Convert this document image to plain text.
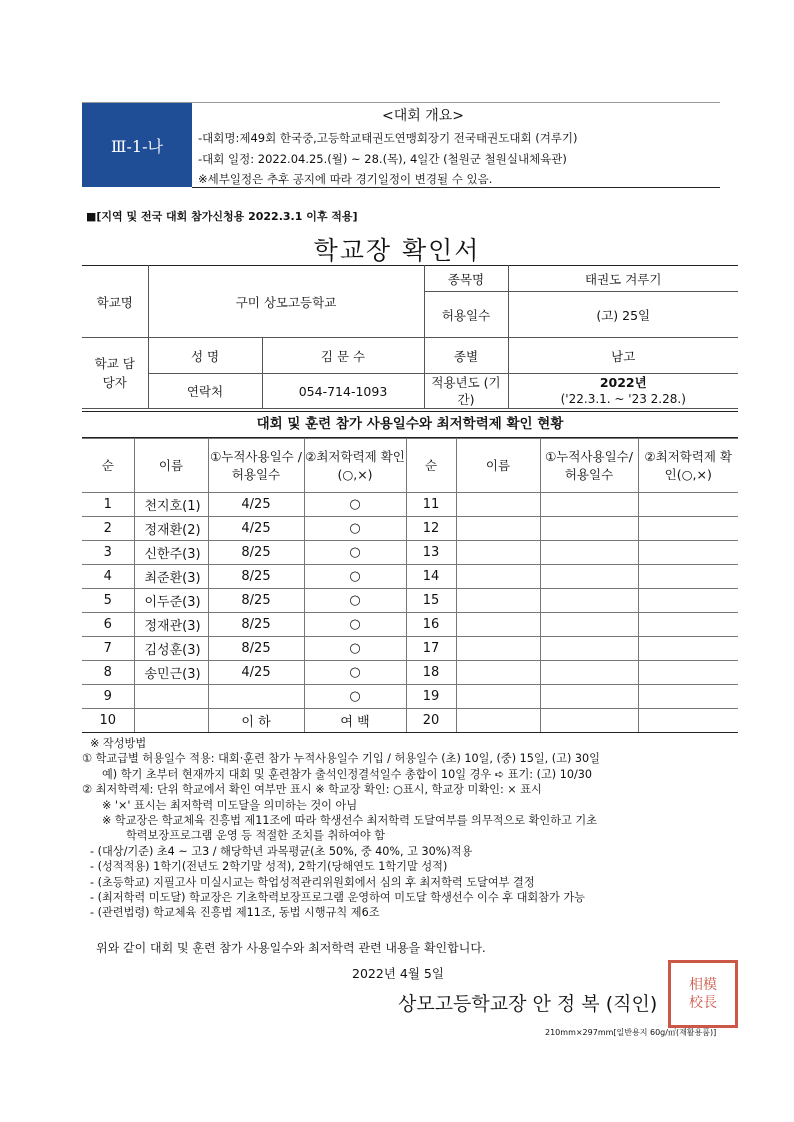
Ⅲ-1-나
<대회 개요>
-대회명:제49회 한국중,고등학교태권도연맹회장기 전국태권도대회 (겨루기)
-대회 일정: 2022.04.25.(월) ~ 28.(목), 4일간 (철원군 철원실내체육관)
※세부일정은 추후 공지에 따라 경기일정이 변경될 수 있음.
■[지역 및 전국 대회 참가신청용 2022.3.1 이후 적용]
학교장 확인서
학교명	구미 상모고등학교		종목명	태권도 겨루기
			허용일수	(고) 25일
학교 담당자	성 명	김 문 수	종별	남고
	연락처	054-714-1093	적용년도 (기간)	2022년
('22.3.1. ~ '23 2.28.)
대회 및 훈련 참가 사용일수와 최저학력제 확인 현황
순	이름	①누적사용일수 /허용일수	②최저학력제 확인(○,×)	순	이름	①누적사용일수/ 허용일수	②최저학력제 확인(○,×)
1	천지호(1)	4/25	○	11			
2	정재환(2)	4/25	○	12			
3	신한주(3)	8/25	○	13			
4	최준환(3)	8/25	○	14			
5	이두준(3)	8/25	○	15			
6	정재관(3)	8/25	○	16			
7	김성훈(3)	8/25	○	17			
8	송민근(3)	4/25	○	18			
9			○	19			
10		이 하	여 백	20			
※ 작성방법
① 학교급별 허용일수 적용: 대회·훈련 참가 누적사용일수 기입 / 허용일수 (초) 10일, (중) 15일, (고) 30일
예) 학기 초부터 현재까지 대회 및 훈련참가 출석인정결석일수 총합이 10일 경우 ➪ 표기: (고) 10/30
② 최저학력제: 단위 학교에서 확인 여부만 표시 ※ 학교장 확인: ○표시, 학교장 미확인: × 표시
※ '×' 표시는 최저학력 미도달을 의미하는 것이 아님
※ 학교장은 학교체육 진흥법 제11조에 따라 학생선수 최저학력 도달여부를 의무적으로 확인하고 기초
학력보장프로그램 운영 등 적절한 조치를 취하여야 함
- (대상/기준) 초4 ~ 고3 / 해당학년 과목평균(초 50%, 중 40%, 고 30%)적용
- (성적적용) 1학기(전년도 2학기말 성적), 2학기(당해연도 1학기말 성적)
- (초등학교) 지필고사 미실시교는 학업성적관리위원회에서 심의 후 최저학력 도달여부 결정
- (최저학력 미도달) 학교장은 기초학력보장프로그램 운영하여 미도달 학생선수 이수 후 대회참가 가능
- (관련법령) 학교체육 진흥법 제11조, 동법 시행규칙 제6조
위와 같이 대회 및 훈련 참가 사용일수와 최저학력 관련 내용을 확인합니다.
2022년 4월 5일
상모고등학교장 안 정 복 (직인)
相模
校長
210mm×297mm[일반용지 60g/㎡(재활용품)]
